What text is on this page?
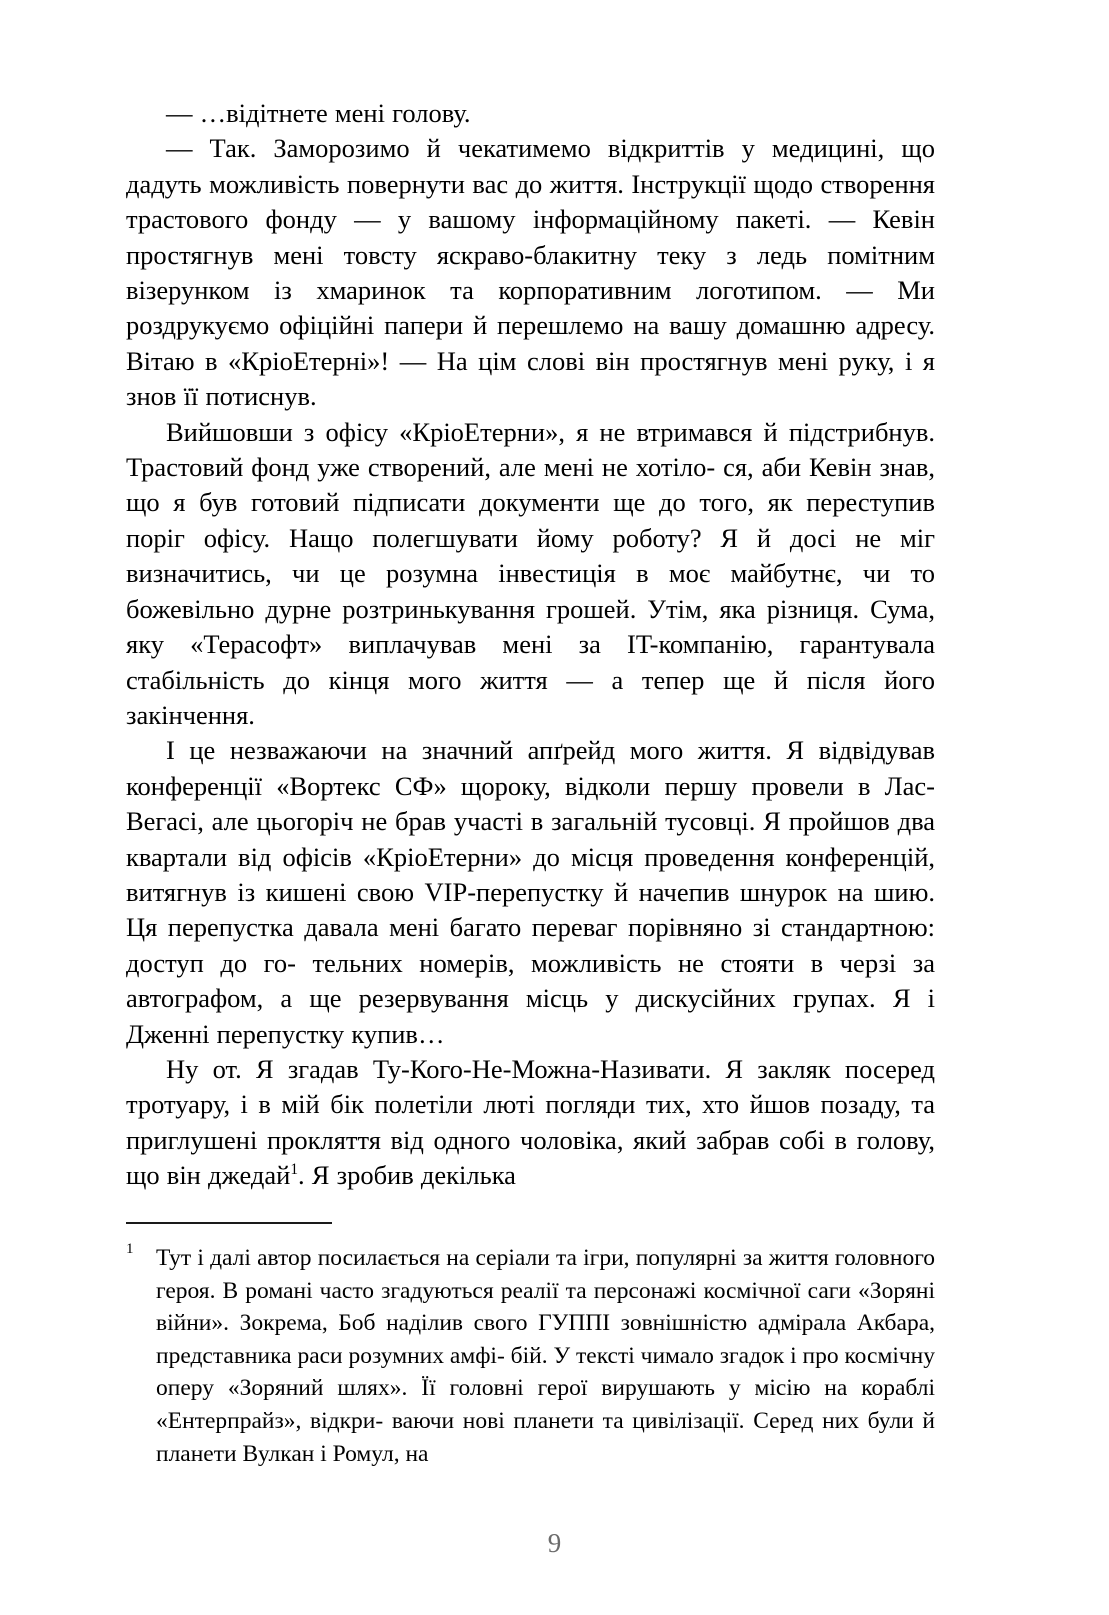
— …відітнете мені голову.

— Так. Заморозимо й чекатимемо відкриттів у медицині, що дадуть можливість повернути вас до життя. Інструкції щодо створення трастового фонду — у вашому інформаційному пакеті. — Кевін простягнув мені товсту яскраво-блакитну теку з ледь помітним візерунком із хмаринок та корпоративним логотипом. — Ми роздрукуємо офіційні папери й перешлемо на вашу домашню адресу. Вітаю в «КріоЕтерні»! — На цім слові він простягнув мені руку, і я знов її потиснув.

Вийшовши з офісу «КріоЕтерни», я не втримався й підстрибнув. Трастовий фонд уже створений, але мені не хотіло- ся, аби Кевін знав, що я був готовий підписати документи ще до того, як переступив поріг офісу. Нащо полегшувати йому роботу? Я й досі не міг визначитись, чи це розумна інвестиція в моє майбутнє, чи то божевільно дурне розтринькування грошей. Утім, яка різниця. Сума, яку «Терасофт» виплачував мені за IT-компанію, гарантувала стабільність до кінця мого життя — а тепер ще й після його закінчення.

І це незважаючи на значний апґрейд мого життя. Я відвідував конференції «Вортекс СФ» щороку, відколи першу провели в Лас-Вегасі, але цьогоріч не брав участі в загальній тусовці. Я пройшов два квартали від офісів «КріоЕтерни» до місця проведення конференцій, витягнув із кишені свою VIP-перепустку й начепив шнурок на шию. Ця перепустка давала мені багато переваг порівняно зі стандартною: доступ до го- тельних номерів, можливість не стояти в черзі за автографом, а ще резервування місць у дискусійних групах. Я і Дженні перепустку купив…

Ну от. Я згадав Ту-Кого-Не-Можна-Називати. Я закляк посеред тротуару, і в мій бік полетіли люті погляди тих, хто йшов позаду, та приглушені прокляття від одного чоловіка, який забрав собі в голову, що він джедай$^1$. Я зробив декілька

1 Тут і далі автор посилається на серіали та ігри, популярні за життя головного героя. В романі часто згадуються реалії та персонажі космічної саги «Зоряні війни». Зокрема, Боб наділив свого ГУППІ зовнішністю адмірала Акбара, представника раси розумних амфі- бій. У тексті чимало згадок і про космічну оперу «Зоряний шлях». Її головні герої вирушають у місію на кораблі «Ентерпрайз», відкри- ваючи нові планети та цивілізації. Серед них були й планети Вулкан і Ромул, на
9
